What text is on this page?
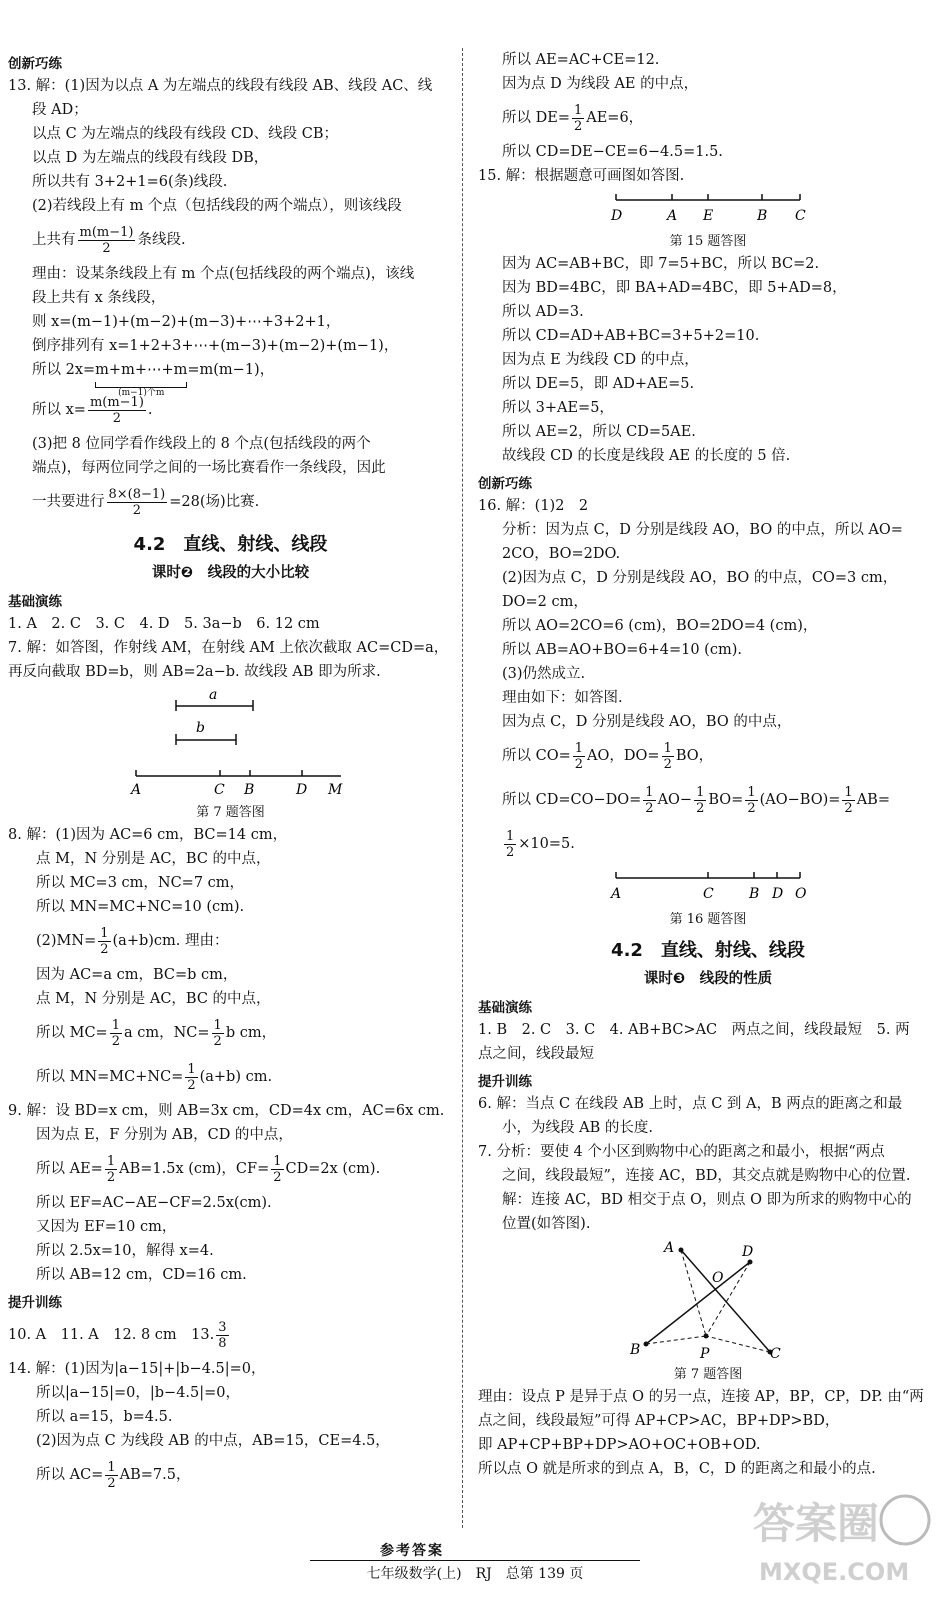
创新巧练
13. 解：(1)因为以点 A 为左端点的线段有线段 AB、线段 AC、线
段 AD；
以点 C 为左端点的线段有线段 CD、线段 CB；
以点 D 为左端点的线段有线段 DB，
所以共有 3+2+1=6(条)线段.
(2)若线段上有 m 个点（包括线段的两个端点），则该线段
上共有 $\frac{m(m-1)}{2}$ 条线段.
理由：设某条线段上有 m 个点(包括线段的两个端点)，该线
段上共有 x 条线段，
则 x=(m−1)+(m−2)+(m−3)+⋯+3+2+1，
倒序排列有 x=1+2+3+⋯+(m−3)+(m−2)+(m−1)，
所以 2x= m+m+⋯+m
(m−1)个m
=m(m−1)，
所以 $x= \frac{m(m-1)}{2}$ .
(3)把 8 位同学看作线段上的 8 个点(包括线段的两个
端点)，每两位同学之间的一场比赛看作一条线段，因此
一共要进行 $\frac{8\times(8-1)}{2} =28$(场)比赛.
4.2　直线、射线、线段
课时❷　线段的大小比较
基础演练
1. A　2. C　3. C　4. D　5. 3a−b　6. 12 cm
7. 解：如答图，作射线 AM，在射线 AM 上依次截取 AC=CD=a，
再反向截取 BD=b，则 AB=2a−b. 故线段 AB 即为所求.
a
b
A	C B	D M
第 7 题答图
8. 解：(1)因为 AC=6 cm，BC=14 cm，
点 M，N 分别是 AC，BC 的中点，
所以 MC=3 cm，NC=7 cm，
所以 MN=MC+NC=10 (cm).
$(2)MN= \frac{1}{2} (a+b)cm$. 理由：
因为 AC=a cm，BC=b cm，
点 M，N 分别是 AC，BC 的中点，
所以 $MC= \frac{1}{2}$ a cm，$NC= \frac{1}{2}$ b cm，
所以 $MN=MC+NC= \frac{1}{2} (a+b)$ cm.
9. 解：设 BD=x cm，则 AB=3x cm，CD=4x cm，AC=6x cm.
因为点 E，F 分别为 AB，CD 的中点，
所以 $AE= \frac{1}{2} AB=1.5x$ (cm)，$CF= \frac{1}{2} CD=2x$ (cm).
所以 EF=AC−AE−CF=2.5x(cm).
又因为 EF=10 cm，
所以 2.5x=10，解得 x=4.
所以 AB=12 cm，CD=16 cm.
提升训练
10. A　11. A　12. 8 cm　13. $\frac{3}{8}$
14. 解：(1)因为|a−15|+|b−4.5|=0，
所以|a−15|=0，|b−4.5|=0，
所以 a=15，b=4.5.
(2)因为点 C 为线段 AB 的中点，AB=15，CE=4.5，
所以 $AC= \frac{1}{2} AB=7.5$，
所以 AE=AC+CE=12.
因为点 D 为线段 AE 的中点，
所以 $DE= \frac{1}{2} AE=6$，
所以 CD=DE−CE=6−4.5=1.5.
15. 解：根据题意可画图如答图.
D	A E	B C
第 15 题答图
因为 AC=AB+BC，即 7=5+BC，所以 BC=2.
因为 BD=4BC，即 BA+AD=4BC，即 5+AD=8，
所以 AD=3.
所以 CD=AD+AB+BC=3+5+2=10.
因为点 E 为线段 CD 的中点，
所以 DE=5，即 AD+AE=5.
所以 3+AE=5，
所以 AE=2，所以 CD=5AE.
故线段 CD 的长度是线段 AE 的长度的 5 倍.
创新巧练
16. 解：(1)2　2
分析：因为点 C，D 分别是线段 AO，BO 的中点，所以 AO=
2CO，BO=2DO.
(2)因为点 C，D 分别是线段 AO，BO 的中点，CO=3 cm，
DO=2 cm，
所以 AO=2CO=6 (cm)，BO=2DO=4 (cm)，
所以 AB=AO+BO=6+4=10 (cm).
(3)仍然成立.
理由如下：如答图.
因为点 C，D 分别是线段 AO，BO 的中点，
所以 $CO= \frac{1}{2}$ AO，$DO= \frac{1}{2}$ BO，
所以 $CD=CO-DO= \frac{1}{2} AO- \frac{1}{2} BO= \frac{1}{2} (AO-BO)= \frac{1}{2} AB=$
$\frac{1}{2} \times 10=5$.
A	C	B D O
第 16 题答图
4.2　直线、射线、线段
课时❸　线段的性质
基础演练
1. B　2. C　3. C　4. AB+BC>AC　两点之间，线段最短　5. 两
点之间，线段最短
提升训练
6. 解：当点 C 在线段 AB 上时，点 C 到 A，B 两点的距离之和最
小，为线段 AB 的长度.
7. 分析：要使 4 个小区到购物中心的距离之和最小，根据“两点
之间，线段最短”，连接 AC，BD，其交点就是购物中心的位置.
解：连接 AC，BD 相交于点 O，则点 O 即为所求的购物中心的
位置(如答图).
A	D
O
B	P	C
第 7 题答图
理由：设点 P 是异于点 O 的另一点，连接 AP，BP，CP，DP. 由“两
点之间，线段最短”可得 AP+CP>AC，BP+DP>BD，
即 AP+CP+BP+DP>AO+OC+OB+OD.
所以点 O 就是所求的到点 A，B，C，D 的距离之和最小的点.
参考答案
七年级数学(上)　RJ　总第 139 页
答案圈
MXQE.COM
